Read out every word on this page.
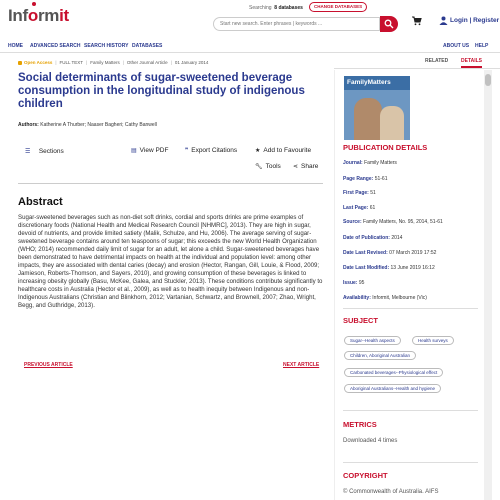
Info
rmit	Searching 8 databases	CHANGE DATABASES
Start new search. Enter phrases | keywords ...
Login | Register
HOME ADVANCED SEARCH SEARCH HISTORY DATABASES	ABOUT US HELP
Open Access | FULL TEXT | Family Matters | Other Journal Article | 01 January 2014	RELATED	DETAILS
Social determinants of sugar-sweetened beverage consumption in the longitudinal study of indigenous children
Authors: Katherine A Thurber; Naaser Bagheri; Cathy Banwell
☰ Sections	▤ View PDF	❞ Export Citations	★ Add to Favourite
🔧︎ Tools ⋖ Share
Abstract
Sugar-sweetened beverages such as non-diet soft drinks, cordial and sports drinks are prime examples of discretionary foods (National Health and Medical Research Council [NHMRC], 2013). They are high in sugar, devoid of nutrients, and provide limited satiety (Malik, Schulze, and Hu, 2006). The average serving of sugar-sweetened beverage contains around ten teaspoons of sugar; this exceeds the new World Health Organization (WHO; 2014) recommended daily limit of sugar for an adult, let alone a child. Sugar-sweetened beverages have been demonstrated to have detrimental impacts on health at the individual and population level: among other impacts, they are associated with dental caries (decay) and erosion (Hector, Rangan, Gill, Louie, & Flood, 2009; Jamieson, Roberts-Thomson, and Sayers, 2010), and growing consumption of these beverages is linked to increasing obesity globally (Basu, McKee, Galea, and Stuckler, 2013). These conditions contribute significantly to healthcare costs in Australia (Hector et al., 2009), as well as to health inequity between Indigenous and non-Indigenous Australians (Christian and Blinkhorn, 2012; Vartanian, Schwartz, and Brownell, 2007; Zhao, Wright, Begg, and Guthridge, 2013).
PREVIOUS ARTICLE	NEXT ARTICLE
FamilyMatters
PUBLICATION DETAILS
Journal: Family Matters
Page Range: 51-61
First Page: 51
Last Page: 61
Source: Family Matters, No. 95, 2014, 51-61
Date of Publication: 2014
Date Last Revised: 07 March 2019 17:52
Date Last Modified: 13 June 2019 16:12
Issue: 95
Availability: Informit, Melbourne (Vic)
SUBJECT
Sugar--Health aspects	Health surveys
Children, Aboriginal Australian
Carbonated beverages--Physiological effect
Aboriginal Australians--Health and hygiene
METRICS
Downloaded 4 times
COPYRIGHT
© Commonwealth of Australia. AIFS
